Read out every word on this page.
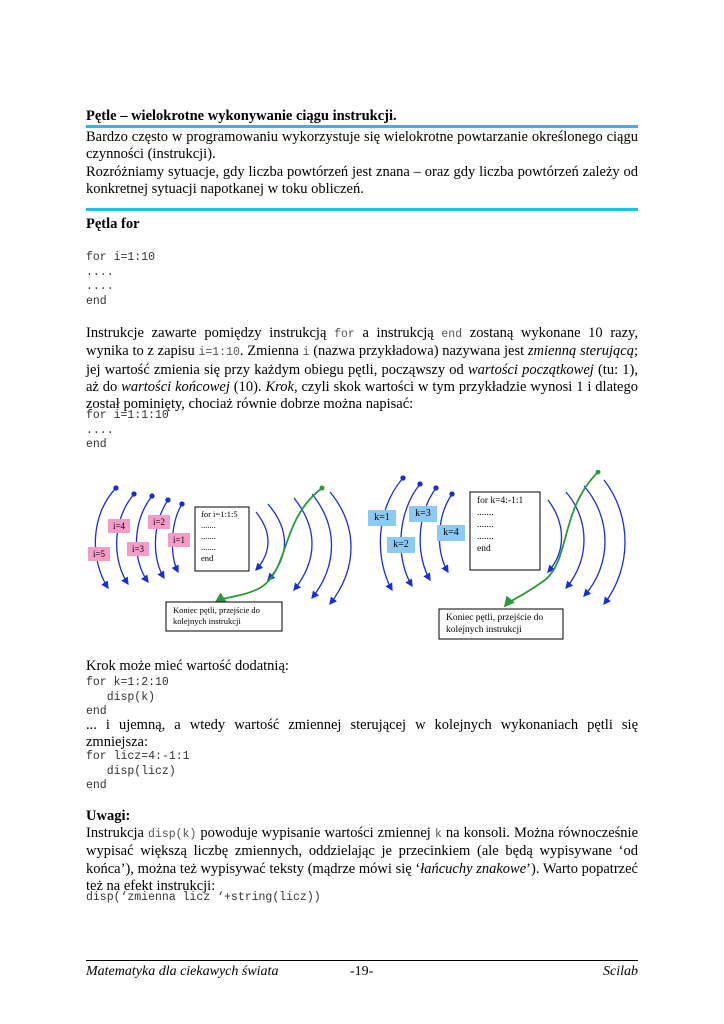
Pętle – wielokrotne wykonywanie ciągu instrukcji.

Bardzo często w programowaniu wykorzystuje się wielokrotne powtarzanie określonego ciągu czynności (instrukcji).

Rozróżniamy sytuacje, gdy liczba powtórzeń jest znana – oraz gdy liczba powtórzeń zależy od konkretnej sytuacji napotkanej w toku obliczeń.

Pętla for
for i=1:10
....
....
end

Instrukcje zawarte pomiędzy instrukcją for a instrukcją end zostaną wykonane 10 razy, wynika to z zapisu i=1:10. Zmienna i (nazwa przykładowa) nazywana jest zmienną sterującą; jej wartość zmienia się przy każdym obiegu pętli, począwszy od wartości początkowej (tu: 1), aż do wartości końcowej (10). Krok, czyli skok wartości w tym przykładzie wynosi 1 i dlatego został pominięty, chociaż równie dobrze można napisać:

for i=1:1:10
....
end
i=5
i=4
i=3
i=2
i=1
for i=1:1:5
.......
.......
.......
end
Koniec pętli, przejście do
kolejnych instrukcji
k=1	k=3
k=2
k=4
for k=4:-1:1
.......
.......
.......
end
Koniec pętli, przejście do
kolejnych instrukcji

Krok może mieć wartość dodatnią:

for k=1:2:10
disp(k)
end

... i ujemną, a wtedy wartość zmiennej sterującej w kolejnych wykonaniach pętli się zmniejsza:

for licz=4:-1:1
disp(licz)
end
Uwagi:

Instrukcja disp(k) powoduje wypisanie wartości zmiennej k na konsoli. Można równocześnie wypisać większą liczbę zmiennych, oddzielając je przecinkiem (ale będą wypisywane ‘od końca’), można też wypisywać teksty (mądrze mówi się ‘łańcuchy znakowe’). Warto popatrzeć też na efekt instrukcji:

disp(‘zmienna licz ‘+string(licz))
Matematyka dla ciekawych świata	-19-	Scilab
